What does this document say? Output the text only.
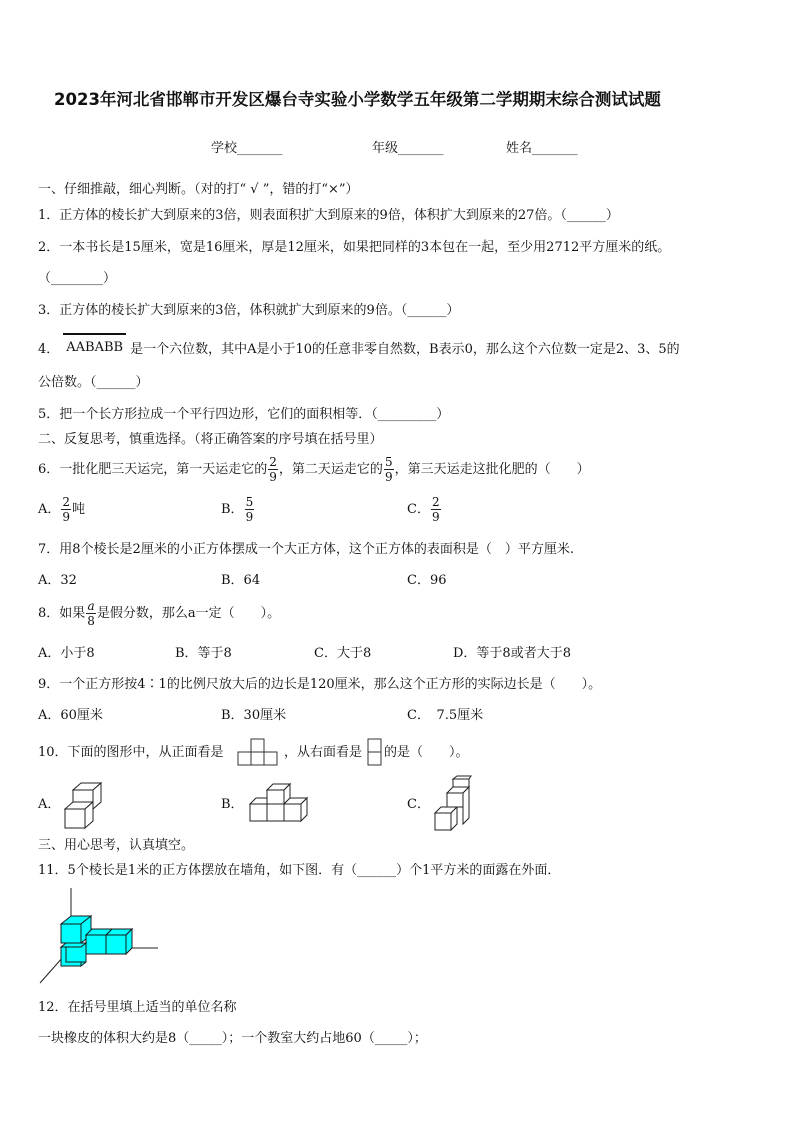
2023年河北省邯郸市开发区爆台寺实验小学数学五年级第二学期期末综合测试试题
学校_______	年级_______	姓名_______
一、仔细推敲，细心判断。（对的打“ √ ”，错的打“×”）
1．正方体的棱长扩大到原来的3倍，则表面积扩大到原来的9倍，体积扩大到原来的27倍。（______）
2．一本书长是15厘米，宽是16厘米，厚是12厘米，如果把同样的3本包在一起，至少用2712平方厘米的纸。
（________）
3．正方体的棱长扩大到原来的3倍，体积就扩大到原来的9倍。（______）
4． AABABB 是一个六位数，其中A是小于10的任意非零自然数，B表示0，那么这个六位数一定是2、3、5的
公倍数。（______）
5．把一个长方形拉成一个平行四边形，它们的面积相等．（_________）
二、反复思考，慎重选择。（将正确答案的序号填在括号里）
6．一批化肥三天运完，第一天运走它的 $\frac{2}{9}$ ，第二天运走它的 $\frac{5}{9}$ ，第三天运走这批化肥的（　　）
A． $\frac{2}{9}$ 吨	B． $\frac{5}{9}$	C． $\frac{2}{9}$
7．用8个棱长是2厘米的小正方体摆成一个大正方体，这个正方体的表面积是（　）平方厘米.
A．32	B．64	C．96
8．如果 $\frac{a}{8}$ 是假分数，那么a一定（　　）。
A．小于8	B．等于8	C．大于8	D．等于8或者大于8
9．一个正方形按4∶1的比例尺放大后的边长是120厘米，那么这个正方形的实际边长是（　　）。
A．60厘米	B．30厘米	C．　7.5厘米
10．下面的图形中，从正面看是	，从右面看是 的是（　　）。
A．	B．	C．
三、用心思考，认真填空。
11．5个棱长是1米的正方体摆放在墙角，如下图．有（______）个1平方米的面露在外面．
12．在括号里填上适当的单位名称
一块橡皮的体积大约是8（_____）；一个教室大约占地60（_____）；
